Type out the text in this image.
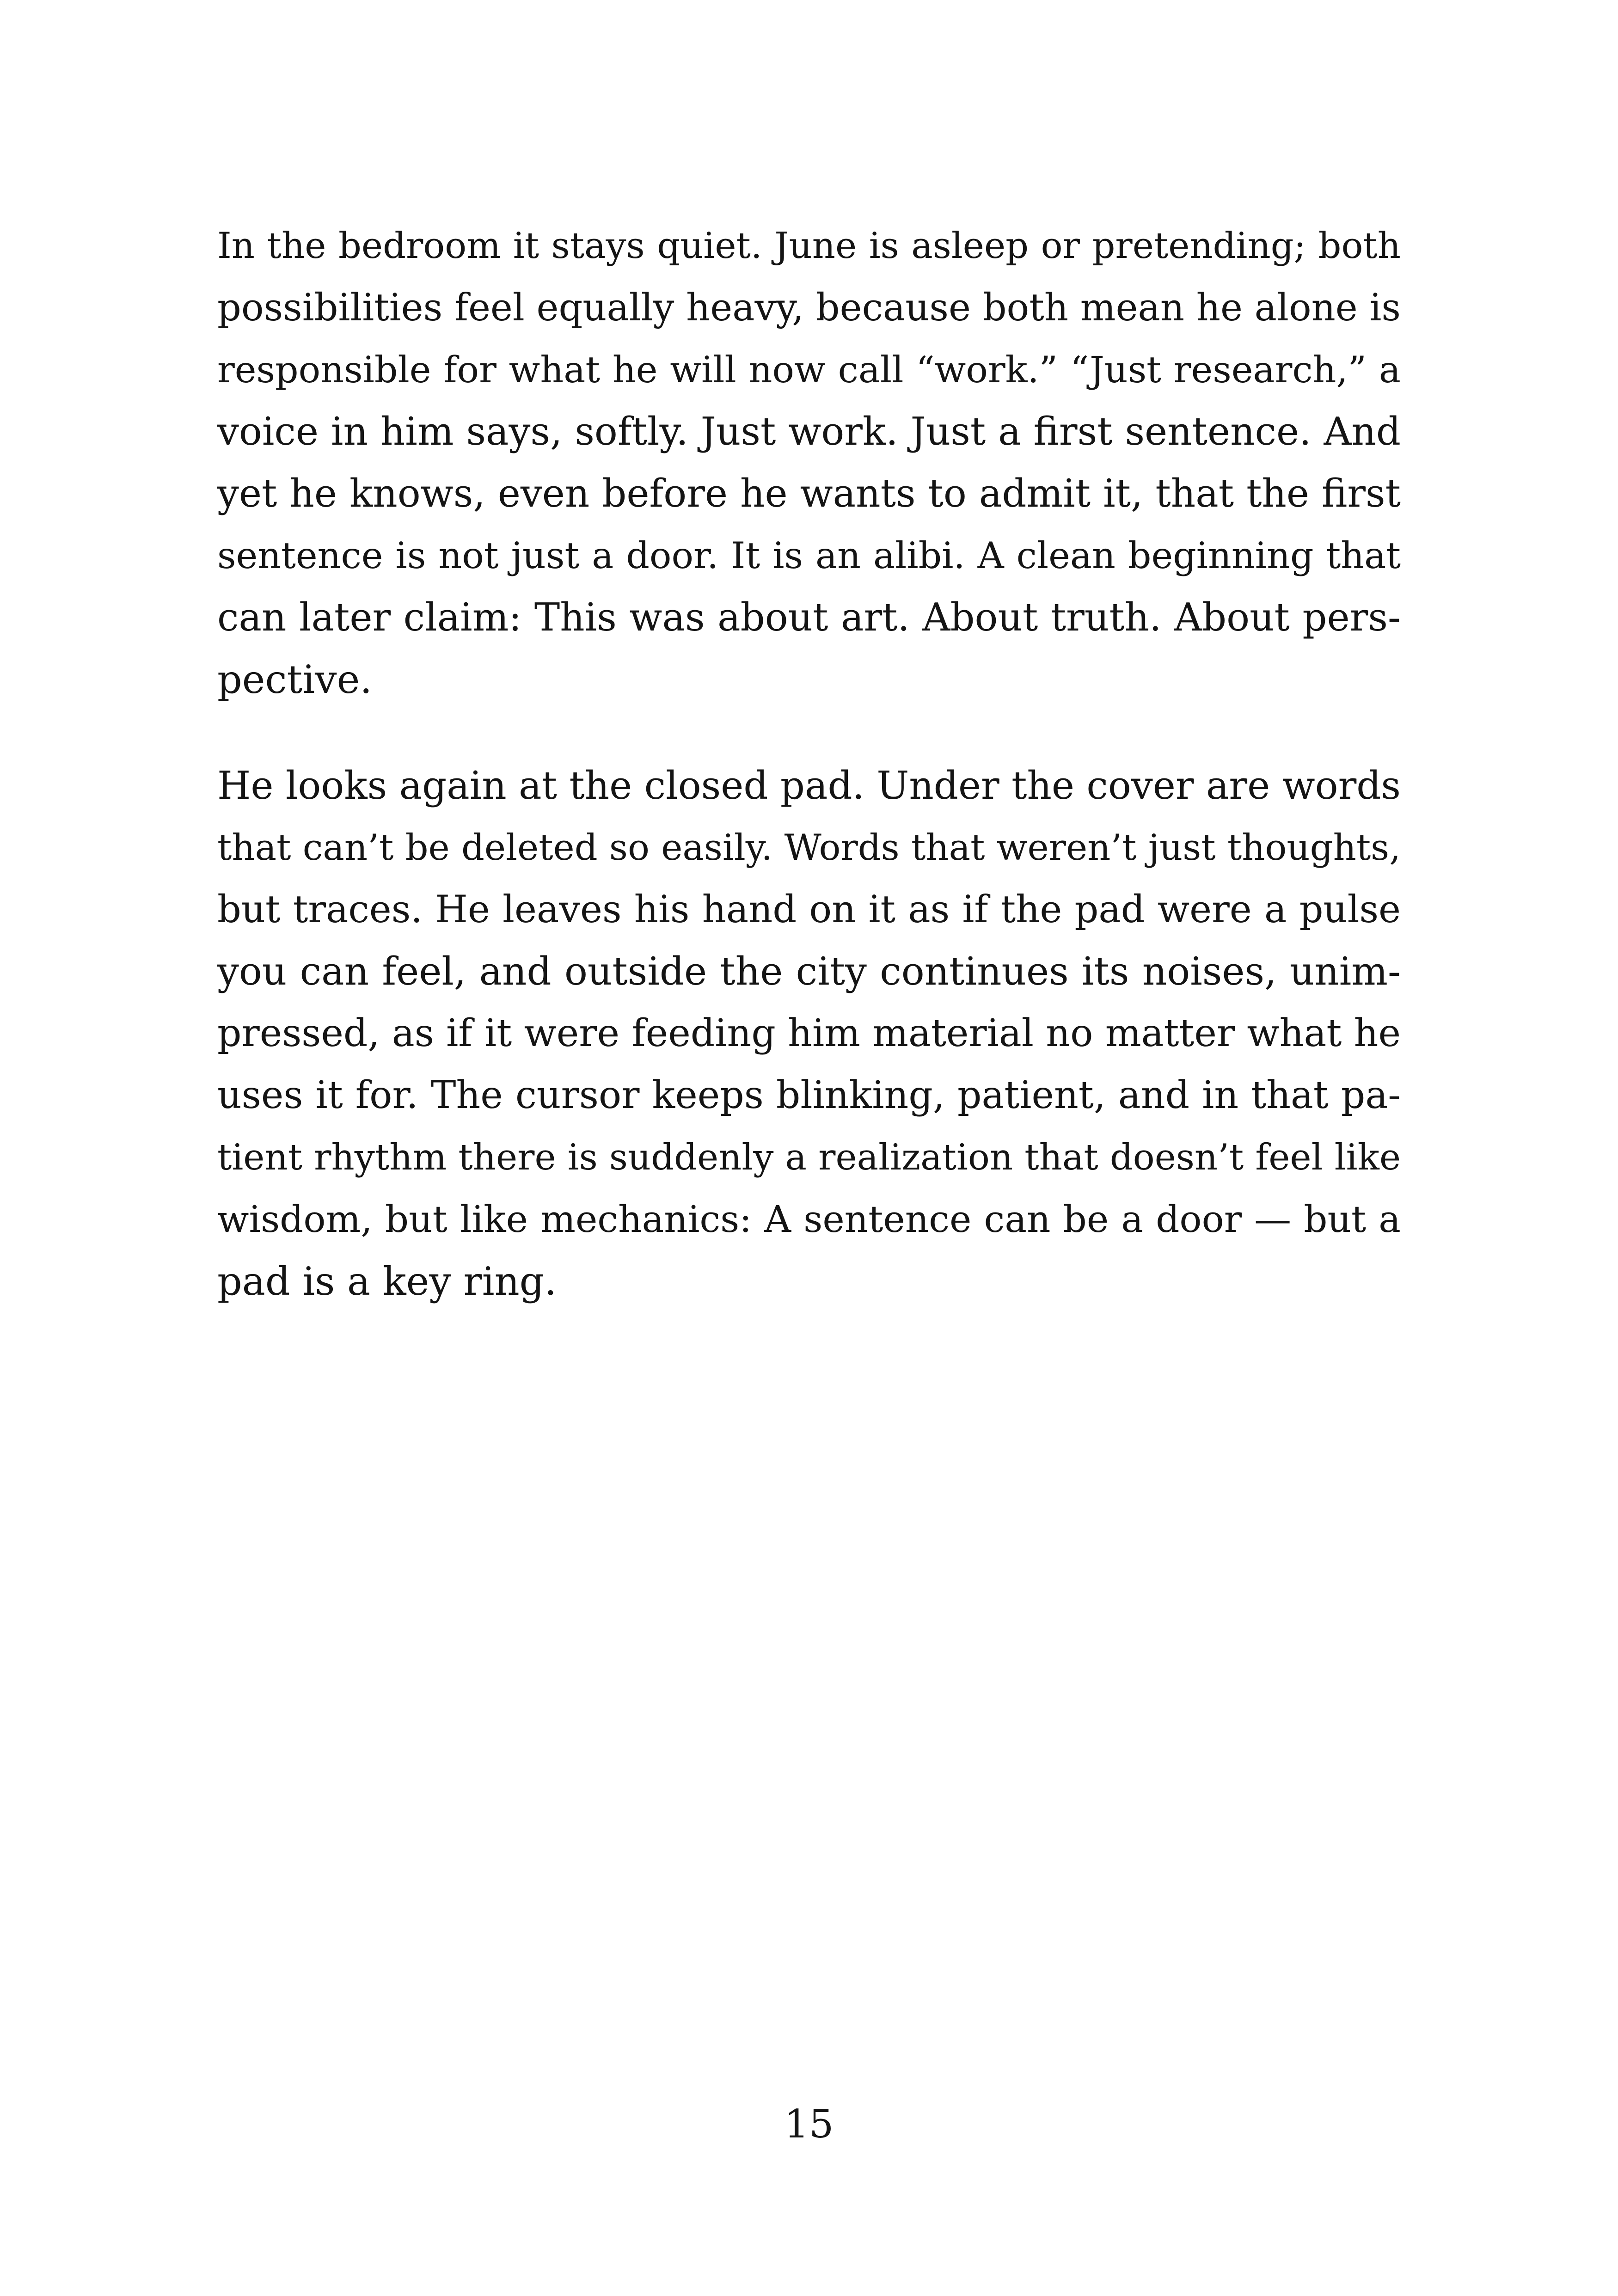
In the bedroom it stays quiet. June is asleep or pretending; both
possibilities feel equally heavy, because both mean he alone is
responsible for what he will now call “work.” “Just research,” a
voice in him says, softly. Just work. Just a first sentence. And
yet he knows, even before he wants to admit it, that the first
sentence is not just a door. It is an alibi. A clean beginning that
can later claim: This was about art. About truth. About pers-
pective.

He looks again at the closed pad. Under the cover are words
that can’t be deleted so easily. Words that weren’t just thoughts,
but traces. He leaves his hand on it as if the pad were a pulse
you can feel, and outside the city continues its noises, unim-
pressed, as if it were feeding him material no matter what he
uses it for. The cursor keeps blinking, patient, and in that pa-
tient rhythm there is suddenly a realization that doesn’t feel like
wisdom, but like mechanics: A sentence can be a door — but a
pad is a key ring.

15
